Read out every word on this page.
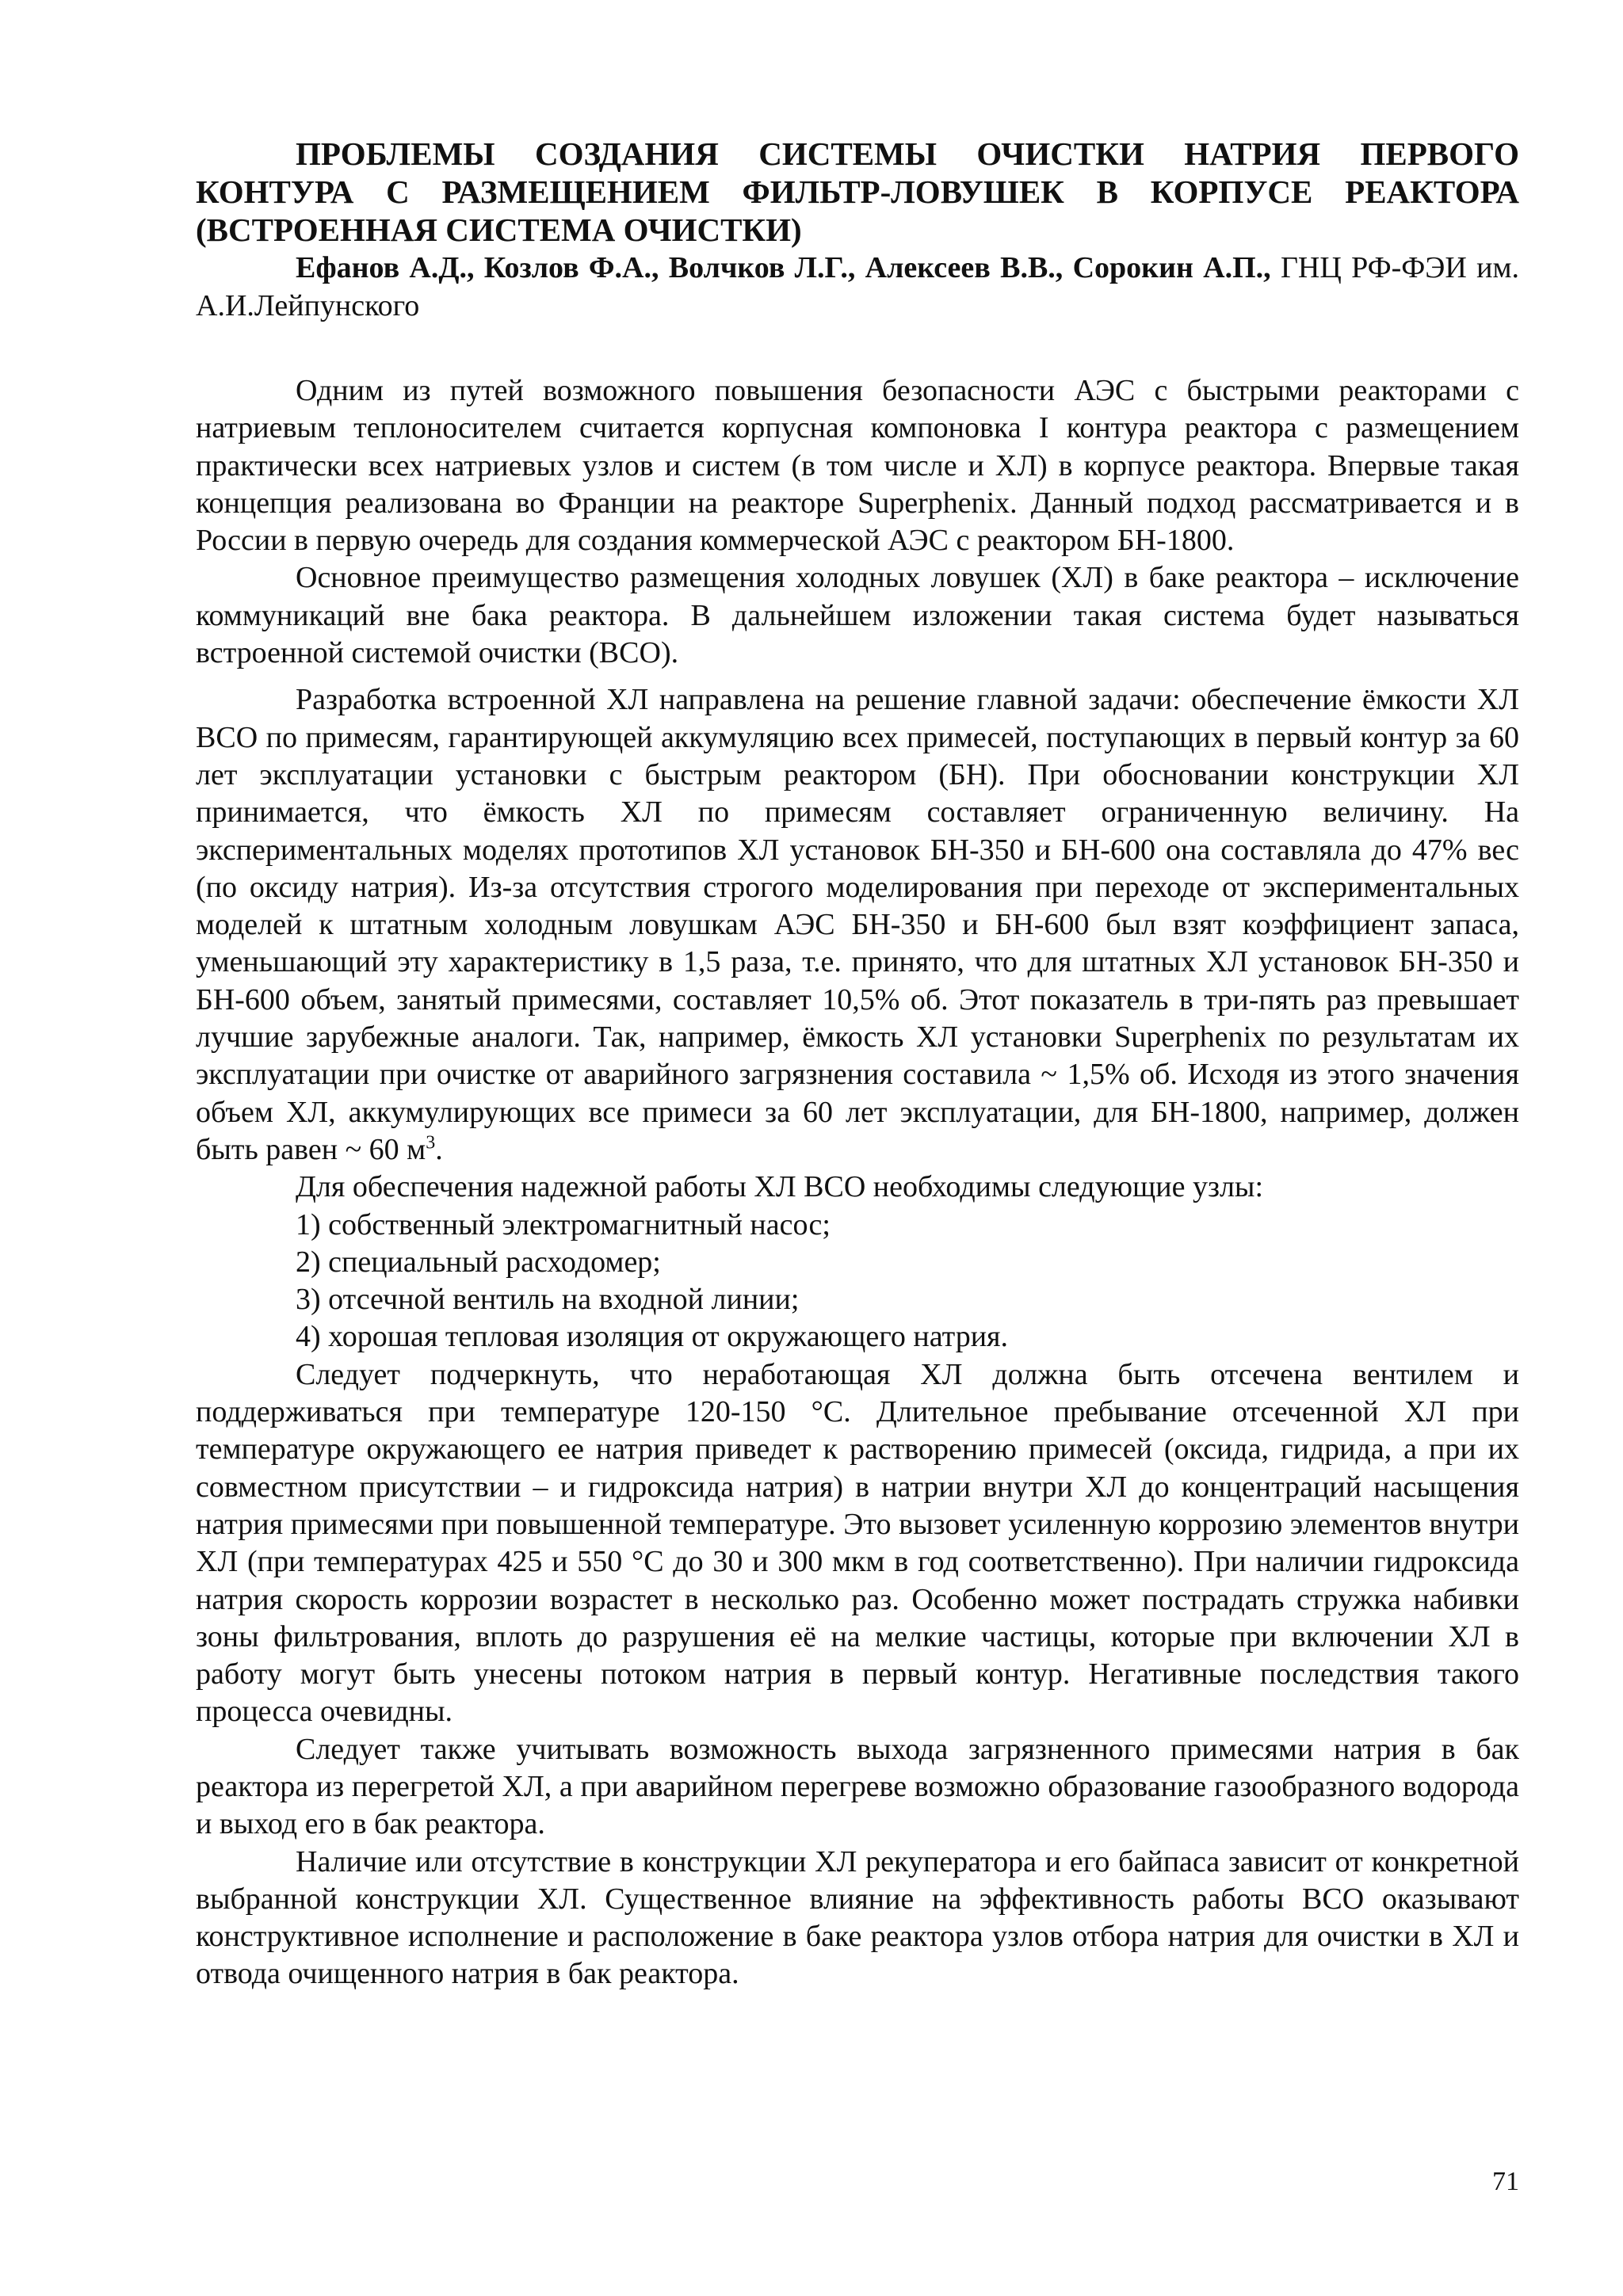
ПРОБЛЕМЫ СОЗДАНИЯ СИСТЕМЫ ОЧИСТКИ НАТРИЯ ПЕРВОГО
КОНТУРА С РАЗМЕЩЕНИЕМ ФИЛЬТР-ЛОВУШЕК В КОРПУСЕ РЕАКТОРА
(ВСТРОЕННАЯ СИСТЕМА ОЧИСТКИ)

Ефанов А.Д., Козлов Ф.А., Волчков Л.Г., Алексеев В.В., Сорокин А.П., ГНЦ РФ-ФЭИ им. А.И.Лейпунского

Одним из путей возможного повышения безопасности АЭС с быстрыми реакторами с натриевым теплоносителем считается корпусная компоновка I контура реактора с размещением практически всех натриевых узлов и систем (в том числе и ХЛ) в корпусе реактора. Впервые такая концепция реализована во Франции на реакторе Superphenix. Данный подход рассматривается и в России в первую очередь для создания коммерческой АЭС с реактором БН-1800.

Основное преимущество размещения холодных ловушек (ХЛ) в баке реактора – исключение коммуникаций вне бака реактора. В дальнейшем изложении такая система будет называться встроенной системой очистки (ВСО).

Разработка встроенной ХЛ направлена на решение главной задачи: обеспечение ёмкости ХЛ ВСО по примесям, гарантирующей аккумуляцию всех примесей, поступающих в первый контур за 60 лет эксплуатации установки с быстрым реактором (БН). При обосновании конструкции ХЛ принимается, что ёмкость ХЛ по примесям составляет ограниченную величину. На экспериментальных моделях прототипов ХЛ установок БН-350 и БН-600 она составляла до 47% вес (по оксиду натрия). Из-за отсутствия строгого моделирования при переходе от экспериментальных моделей к штатным холодным ловушкам АЭС БН-350 и БН-600 был взят коэффициент запаса, уменьшающий эту характеристику в 1,5 раза, т.е. принято, что для штатных ХЛ установок БН-350 и БН-600 объем, занятый примесями, составляет 10,5% об. Этот показатель в три-пять раз превышает лучшие зарубежные аналоги. Так, например, ёмкость ХЛ установки Superphenix по результатам их эксплуатации при очистке от аварийного загрязнения составила ~ 1,5% об. Исходя из этого значения объем ХЛ, аккумулирующих все примеси за 60 лет эксплуатации, для БН-1800, например, должен быть равен ~ 60 $м^3$.

Для обеспечения надежной работы ХЛ ВСО необходимы следующие узлы:

1) собственный электромагнитный насос;

2) специальный расходомер;

3) отсечной вентиль на входной линии;

4) хорошая тепловая изоляция от окружающего натрия.

Следует подчеркнуть, что неработающая ХЛ должна быть отсечена вентилем и поддерживаться при температуре 120-150 °С. Длительное пребывание отсеченной ХЛ при температуре окружающего ее натрия приведет к растворению примесей (оксида, гидрида, а при их совместном присутствии – и гидроксида натрия) в натрии внутри ХЛ до концентраций насыщения натрия примесями при повышенной температуре. Это вызовет усиленную коррозию элементов внутри ХЛ (при температурах 425 и 550 °С до 30 и 300 мкм в год соответственно). При наличии гидроксида натрия скорость коррозии возрастет в несколько раз. Особенно может пострадать стружка набивки зоны фильтрования, вплоть до разрушения её на мелкие частицы, которые при включении ХЛ в работу могут быть унесены потоком натрия в первый контур. Негативные последствия такого процесса очевидны.

Следует также учитывать возможность выхода загрязненного примесями натрия в бак реактора из перегретой ХЛ, а при аварийном перегреве возможно образование газообразного водорода и выход его в бак реактора.

Наличие или отсутствие в конструкции ХЛ рекуператора и его байпаса зависит от конкретной выбранной конструкции ХЛ. Существенное влияние на эффективность работы ВСО оказывают конструктивное исполнение и расположение в баке реактора узлов отбора натрия для очистки в ХЛ и отвода очищенного натрия в бак реактора.

71
